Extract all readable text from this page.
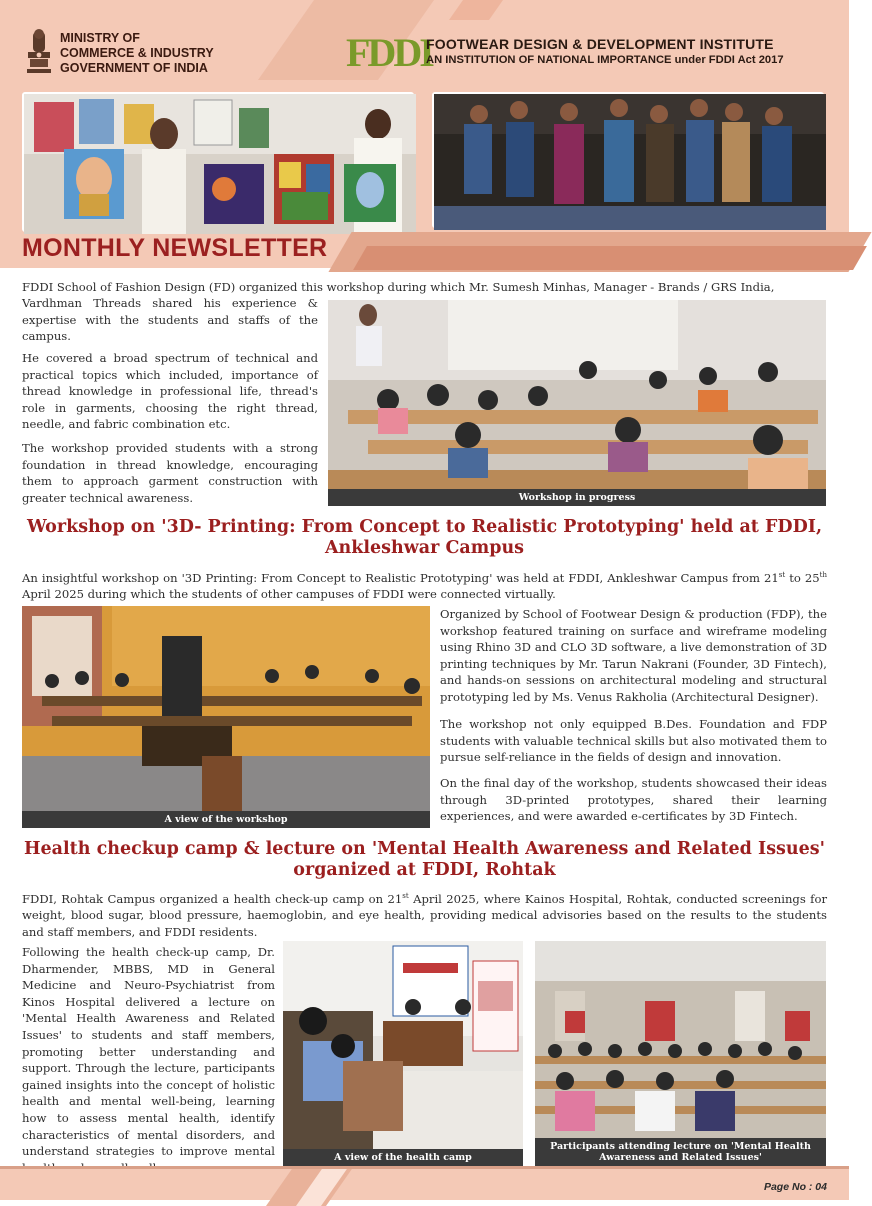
MINISTRY OF
COMMERCE & INDUSTRY
GOVERNMENT OF INDIA	FDDI
FOOTWEAR DESIGN & DEVELOPMENT INSTITUTE
AN INSTITUTION OF NATIONAL IMPORTANCE under FDDI Act 2017
MONTHLY NEWSLETTER
FDDI School of Fashion Design (FD) organized this workshop during which Mr. Sumesh Minhas, Manager - Brands / GRS India,
Vardhman Threads shared his experience & expertise with the students and staffs of the campus.
He covered a broad spectrum of technical and practical topics which included, importance of thread knowledge in professional life, thread's role in garments, choosing the right thread, needle, and fabric combination etc.
The workshop provided students with a strong foundation in thread knowledge, encouraging them to approach garment construction with greater technical awareness.	Workshop in progress
Workshop on '3D- Printing: From Concept to Realistic Prototyping' held at FDDI, Ankleshwar Campus
An insightful workshop on '3D Printing: From Concept to Realistic Prototyping' was held at FDDI, Ankleshwar Campus from 21st to 25th April 2025 during which the students of other campuses of FDDI were connected virtually.
A view of the workshop
Organized by School of Footwear Design & production (FDP), the workshop featured training on surface and wireframe modeling using Rhino 3D and CLO 3D software, a live demonstration of 3D printing techniques by Mr. Tarun Nakrani (Founder, 3D Fintech), and hands-on sessions on architectural modeling and structural prototyping led by Ms. Venus Rakholia (Architectural Designer).
The workshop not only equipped B.Des. Foundation and FDP students with valuable technical skills but also motivated them to pursue self-reliance in the fields of design and innovation.
On the final day of the workshop, students showcased their ideas through 3D-printed prototypes, shared their learning experiences, and were awarded e-certificates by 3D Fintech.
Health checkup camp & lecture on 'Mental Health Awareness and Related Issues' organized at FDDI, Rohtak
FDDI, Rohtak Campus organized a health check-up camp on 21st April 2025, where Kainos Hospital, Rohtak, conducted screenings for weight, blood sugar, blood pressure, haemoglobin, and eye health, providing medical advisories based on the results to the students and staff members, and FDDI residents.
Following the health check-up camp, Dr. Dharmender, MBBS, MD in General Medicine and Neuro-Psychiatrist from Kinos Hospital delivered a lecture on 'Mental Health Awareness and Related Issues' to students and staff members, promoting better understanding and support. Through the lecture, participants gained insights into the concept of holistic health and mental well-being, learning how to assess mental health, identify characteristics of mental disorders, and understand strategies to improve mental	A view of the health camp
Participants attending lecture on 'Mental Health Awareness and Related Issues'
Page No : 04
